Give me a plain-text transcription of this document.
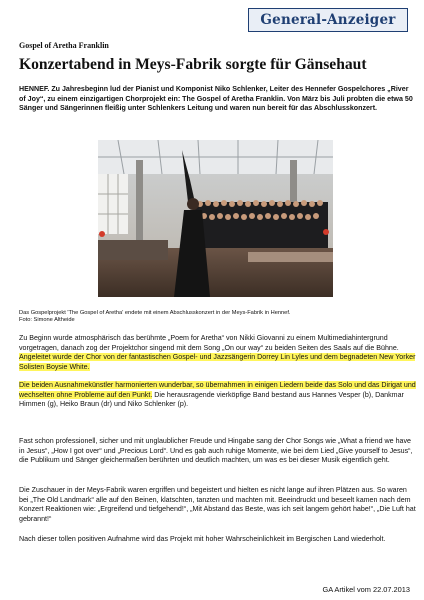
General-Anzeiger
Gospel of Aretha Franklin
Konzertabend in Meys-Fabrik sorgte für Gänsehaut
HENNEF. Zu Jahresbeginn lud der Pianist und Komponist Niko Schlenker, Leiter des Hennefer Gospelchores „River of Joy“, zu einem einzigartigen Chorprojekt ein: The Gospel of Aretha Franklin. Von März bis Juli probten die etwa 50 Sänger und Sängerinnen fleißig unter Schlenkers Leitung und waren nun bereit für das Abschlusskonzert.
Das Gospelprojekt 'The Gospel of Aretha' endete mit einem Abschlusskonzert in der Meys-Fabrik in Hennef.
Foto: Simone Altheide
Zu Beginn wurde atmosphärisch das berühmte „Poem for Aretha“ von Nikki Giovanni zu einem Multimediahintergrund vorgetragen, danach zog der Projektchor singend mit dem Song „On our way“ zu beiden Seiten des Saals auf die Bühne. Angeleitet wurde der Chor von der fantastischen Gospel- und Jazzsängerin Dorrey Lin Lyles und dem begnadeten New Yorker Solisten Boysie White.
Die beiden Ausnahmekünstler harmonierten wunderbar, so übernahmen in einigen Liedern beide das Solo und das Dirigat und wechselten ohne Probleme auf den Punkt. Die herausragende vierköpfige Band bestand aus Hannes Vesper (b), Dankmar Himmen (g), Heiko Braun (dr) und Niko Schlenker (p).
Fast schon professionell, sicher und mit unglaublicher Freude und Hingabe sang der Chor Songs wie „What a friend we have in Jesus“, „How I got over“ und „Precious Lord“. Und es gab auch ruhige Momente, wie bei dem Lied „Give yourself to Jesus“, die Publikum und Sänger gleichermaßen berührten und deutlich machten, um was es bei dieser Musik eigentlich geht.
Die Zuschauer in der Meys-Fabrik waren ergriffen und begeistert und hielten es nicht lange auf ihren Plätzen aus. So waren bei „The Old Landmark“ alle auf den Beinen, klatschten, tanzten und machten mit. Beeindruckt und beseelt kamen nach dem Konzert Reaktionen wie: „Ergreifend und tiefgehend!“, „Mit Abstand das Beste, was ich seit langem gehört habe!“, „Die Luft hat gebrannt!“
Nach dieser tollen positiven Aufnahme wird das Projekt mit hoher Wahrscheinlichkeit im Bergischen Land wiederholt.
GA Artikel vom 22.07.2013
